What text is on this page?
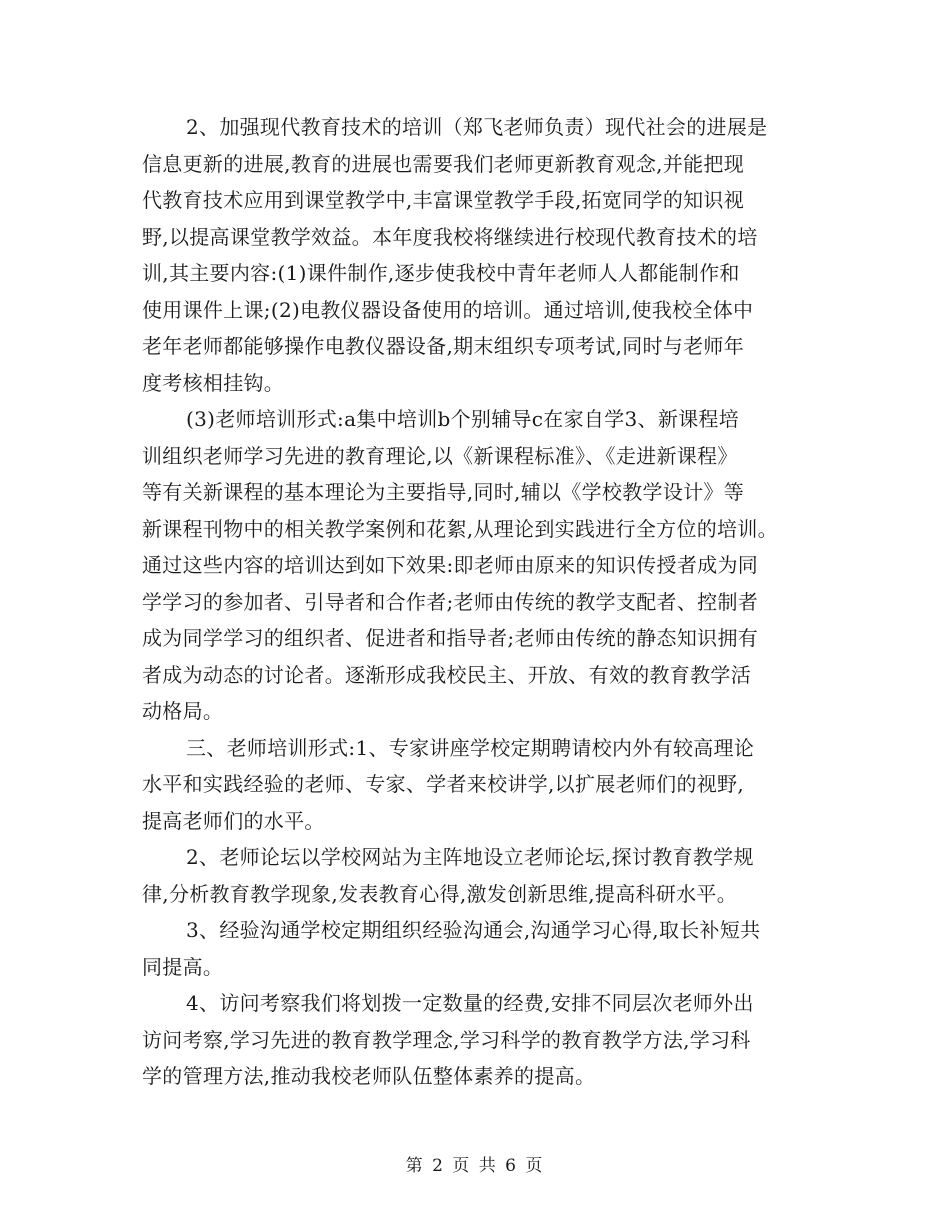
2、加强现代教育技术的培训（郑飞老师负责）现代社会的进展是
信息更新的进展,教育的进展也需要我们老师更新教育观念,并能把现
代教育技术应用到课堂教学中,丰富课堂教学手段,拓宽同学的知识视
野,以提高课堂教学效益。本年度我校将继续进行校现代教育技术的培
训,其主要内容:(1)课件制作,逐步使我校中青年老师人人都能制作和
使用课件上课;(2)电教仪器设备使用的培训。通过培训,使我校全体中
老年老师都能够操作电教仪器设备,期末组织专项考试,同时与老师年
度考核相挂钩。
(3)老师培训形式:a集中培训b个别辅导c在家自学3、新课程培
训组织老师学习先进的教育理论,以《新课程标准》、《走进新课程》
等有关新课程的基本理论为主要指导,同时,辅以《学校教学设计》等
新课程刊物中的相关教学案例和花絮,从理论到实践进行全方位的培训。
通过这些内容的培训达到如下效果:即老师由原来的知识传授者成为同
学学习的参加者、引导者和合作者;老师由传统的教学支配者、控制者
成为同学学习的组织者、促进者和指导者;老师由传统的静态知识拥有
者成为动态的讨论者。逐渐形成我校民主、开放、有效的教育教学活
动格局。
三、老师培训形式:1、专家讲座学校定期聘请校内外有较高理论
水平和实践经验的老师、专家、学者来校讲学,以扩展老师们的视野,
提高老师们的水平。
2、老师论坛以学校网站为主阵地设立老师论坛,探讨教育教学规
律,分析教育教学现象,发表教育心得,激发创新思维,提高科研水平。
3、经验沟通学校定期组织经验沟通会,沟通学习心得,取长补短共
同提高。
4、访问考察我们将划拨一定数量的经费,安排不同层次老师外出
访问考察,学习先进的教育教学理念,学习科学的教育教学方法,学习科
学的管理方法,推动我校老师队伍整体素养的提高。
第 2 页 共 6 页
